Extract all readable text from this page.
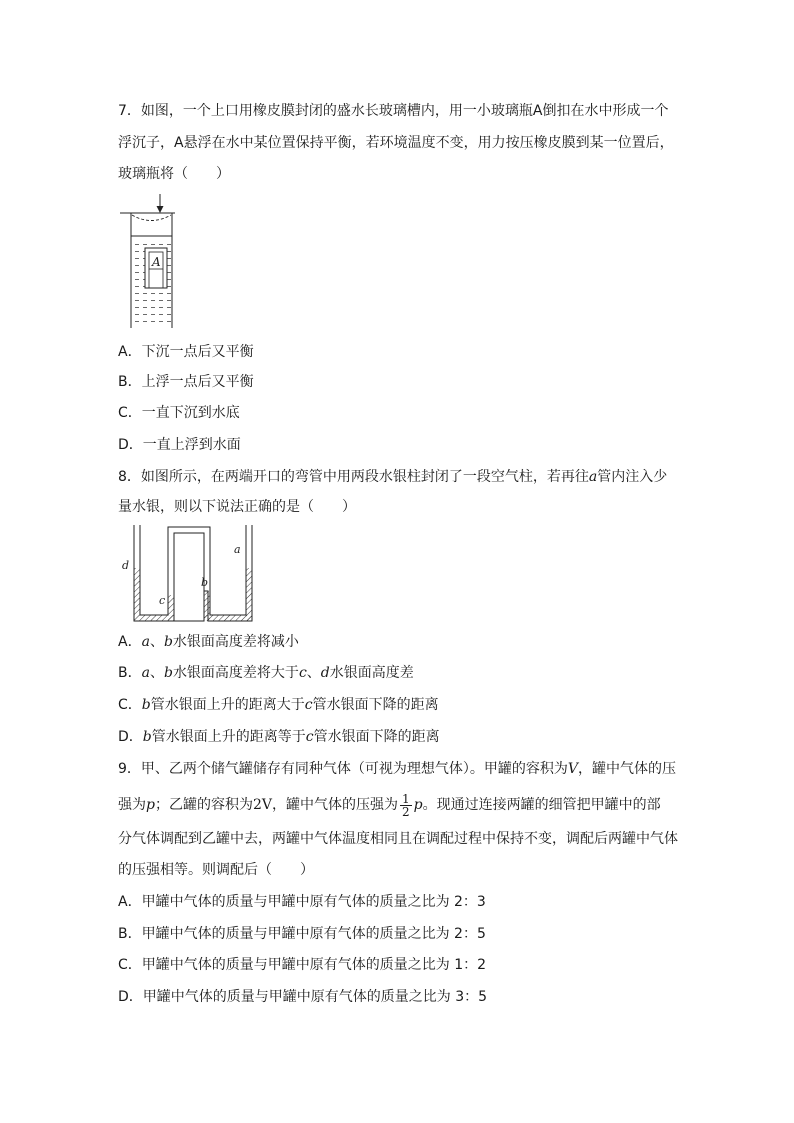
7．如图，一个上口用橡皮膜封闭的盛水长玻璃槽内，用一小玻璃瓶A倒扣在水中形成一个
浮沉子，A悬浮在水中某位置保持平衡，若环境温度不变，用力按压橡皮膜到某一位置后，
玻璃瓶将（　　）
A
A．下沉一点后又平衡
B．上浮一点后又平衡
C．一直下沉到水底
D．一直上浮到水面
8．如图所示，在两端开口的弯管中用两段水银柱封闭了一段空气柱，若再往a管内注入少
量水银，则以下说法正确的是（　　）
d
c
b
a
A．a、b水银面高度差将减小
B．a、b水银面高度差将大于c、d水银面高度差
C．b管水银面上升的距离大于c管水银面下降的距离
D．b管水银面上升的距离等于c管水银面下降的距离
9．甲、乙两个储气罐储存有同种气体（可视为理想气体）。甲罐的容积为V，罐中气体的压
强为p；乙罐的容积为2V，罐中气体的压强为 $\frac{1}{2}$ p。现通过连接两罐的细管把甲罐中的部
分气体调配到乙罐中去，两罐中气体温度相同且在调配过程中保持不变，调配后两罐中气体
的压强相等。则调配后（　　）
A．甲罐中气体的质量与甲罐中原有气体的质量之比为 2：3
B．甲罐中气体的质量与甲罐中原有气体的质量之比为 2：5
C．甲罐中气体的质量与甲罐中原有气体的质量之比为 1：2
D．甲罐中气体的质量与甲罐中原有气体的质量之比为 3：5
